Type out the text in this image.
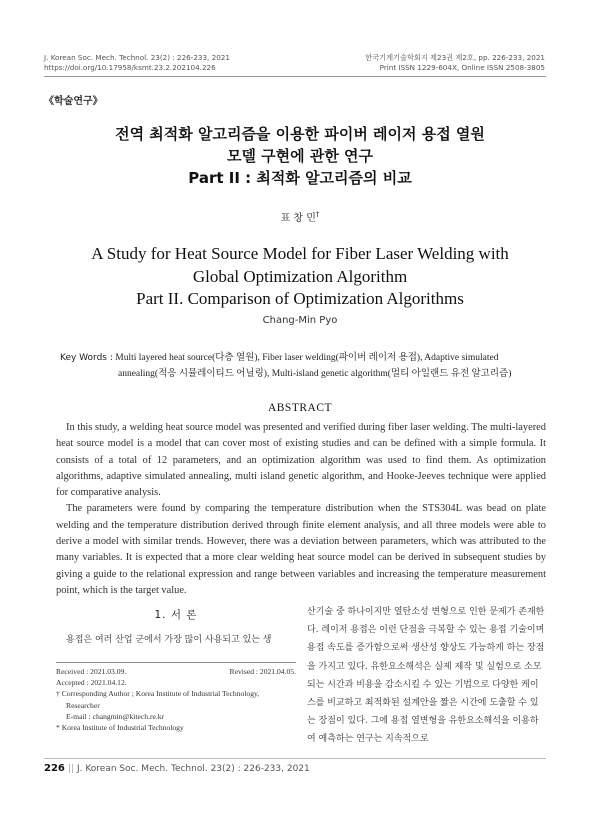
J. Korean Soc. Mech. Technol. 23(2) : 226-233, 2021
https://doi.org/10.17958/ksmt.23.2.202104.226
한국기계기술학회지 제23권 제2호, pp. 226-233, 2021
Print ISSN 1229-604X, Online ISSN 2508-3805
《학술연구》
전역 최적화 알고리즘을 이용한 파이버 레이저 용접 열원
모델 구현에 관한 연구
Part II : 최적화 알고리즘의 비교
표 창 민†
A Study for Heat Source Model for Fiber Laser Welding with
Global Optimization Algorithm
Part II. Comparison of Optimization Algorithms
Chang-Min Pyo
Key Words : Multi layered heat source(다층 열원), Fiber laser welding(파이버 레이저 용접), Adaptive simulated
annealing(적응 시뮬레이티드 어닐링), Multi-island genetic algorithm(멀티 아일랜드 유전 알고리즘)
ABSTRACT

In this study, a welding heat source model was presented and verified during fiber laser welding. The multi-layered heat source model is a model that can cover most of existing studies and can be defined with a simple formula. It consists of a total of 12 parameters, and an optimization algorithm was used to find them. As optimization algorithms, adaptive simulated annealing, multi island genetic algorithm, and Hooke-Jeeves technique were applied for comparative analysis.

The parameters were found by comparing the temperature distribution when the STS304L was bead on plate welding and the temperature distribution derived through finite element analysis, and all three models were able to derive a model with similar trends. However, there was a deviation between parameters, which was attributed to the many variables. It is expected that a more clear welding heat source model can be derived in subsequent studies by giving a guide to the relational expression and range between variables and increasing the temperature measurement point, which is the target value.

1. 서 론
용접은 여러 산업 군에서 가장 많이 사용되고 있는 생
산기술 중 하나이지만 열탄소성 변형으로 인한 문제가 존재한다. 레이저 용접은 이런 단점을 극복할 수 있는 용접 기술이며 용접 속도를 증가함으로써 생산성 향상도 가능하게 하는 장점을 가지고 있다. 유한요소해석은 실제 제작 및 실험으로 소모되는 시간과 비용을 감소시킬 수 있는 기법으로 다양한 케이스를 비교하고 최적화된 설계안을 짧은 시간에 도출할 수 있는 장점이 있다. 그에 용접 열변형을 유한요소해석을 이용하여 예측하는 연구는 지속적으로
Received : 2021.03.09.	Revised : 2021.04.05.
Accepted : 2021.04.12.
† Corresponding Author ; Korea Institute of Industrial Technology,
Researcher
E-mail : changmin@kitech.re.kr
* Korea Institute of Industrial Technology
226 || J. Korean Soc. Mech. Technol. 23(2) : 226-233, 2021
